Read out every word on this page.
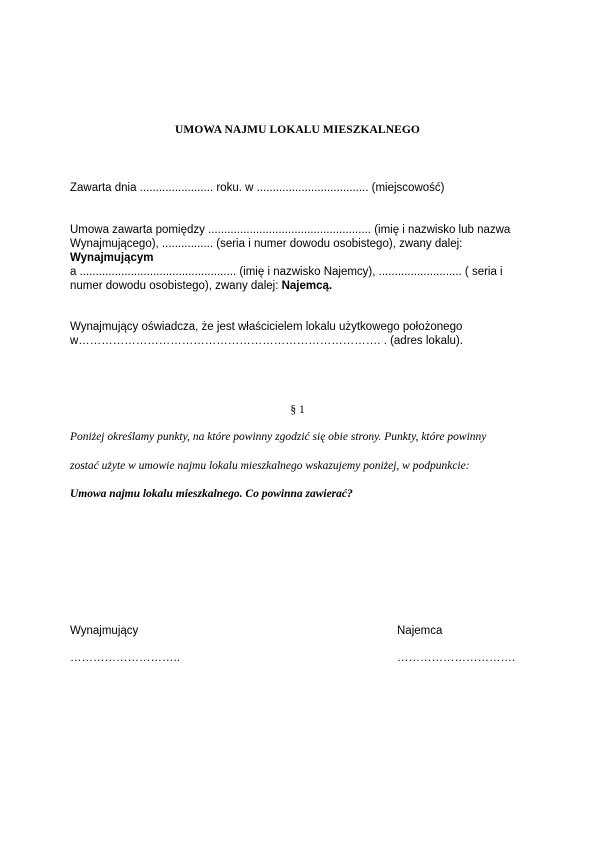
UMOWA NAJMU LOKALU MIESZKALNEGO
Zawarta dnia ....................... roku. w ................................... (miejscowość)
Umowa zawarta pomiędzy ................................................... (imię i nazwisko lub nazwa
Wynajmującego), ................ (seria i numer dowodu osobistego), zwany dalej:
Wynajmującym
a ................................................. (imię i nazwisko Najemcy), .......................... ( seria i
numer dowodu osobistego), zwany dalej: Najemcą.
Wynajmujący oświadcza, że jest właścicielem lokalu użytkowego położonego
w……………………………………………………………………. . (adres lokalu).
§ 1
Poniżej określamy punkty, na które powinny zgodzić się obie strony. Punkty, które powinny
zostać użyte w umowie najmu lokalu mieszkalnego wskazujemy poniżej, w podpunkcie:
Umowa najmu lokalu mieszkalnego. Co powinna zawierać?
Wynajmujący
………………………..
Najemca
………………………….
